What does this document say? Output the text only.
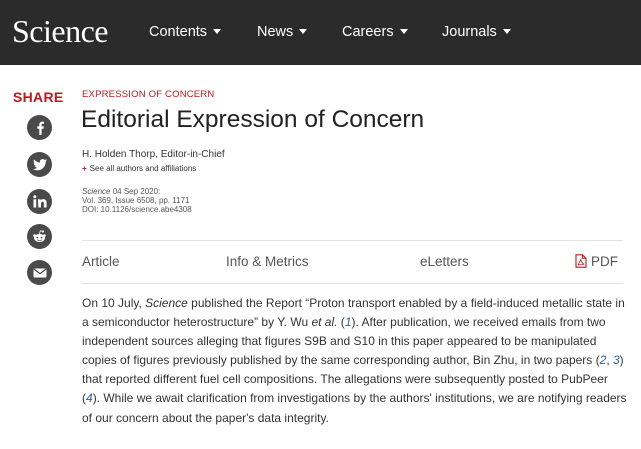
Science	Contents	News	Careers	Journals
SHARE EXPRESSION OF CONCERN
Editorial Expression of Concern
H. Holden Thorp, Editor-in-Chief
+ See all authors and affiliations
Science 04 Sep 2020:
Vol. 369, Issue 6508, pp. 1171
DOI: 10.1126/science.abe4308
Article	Info & Metrics	eLetters	PDF
On 10 July, Science published the Report “Proton transport enabled by a field-induced metallic state in a semiconductor heterostructure” by Y. Wu et al. (1). After publication, we received emails from two independent sources alleging that figures S9B and S10 in this paper appeared to be manipulated copies of figures previously published by the same corresponding author, Bin Zhu, in two papers (2, 3) that reported different fuel cell compositions. The allegations were subsequently posted to PubPeer (4). While we await clarification from investigations by the authors' institutions, we are notifying readers of our concern about the paper's data integrity.
